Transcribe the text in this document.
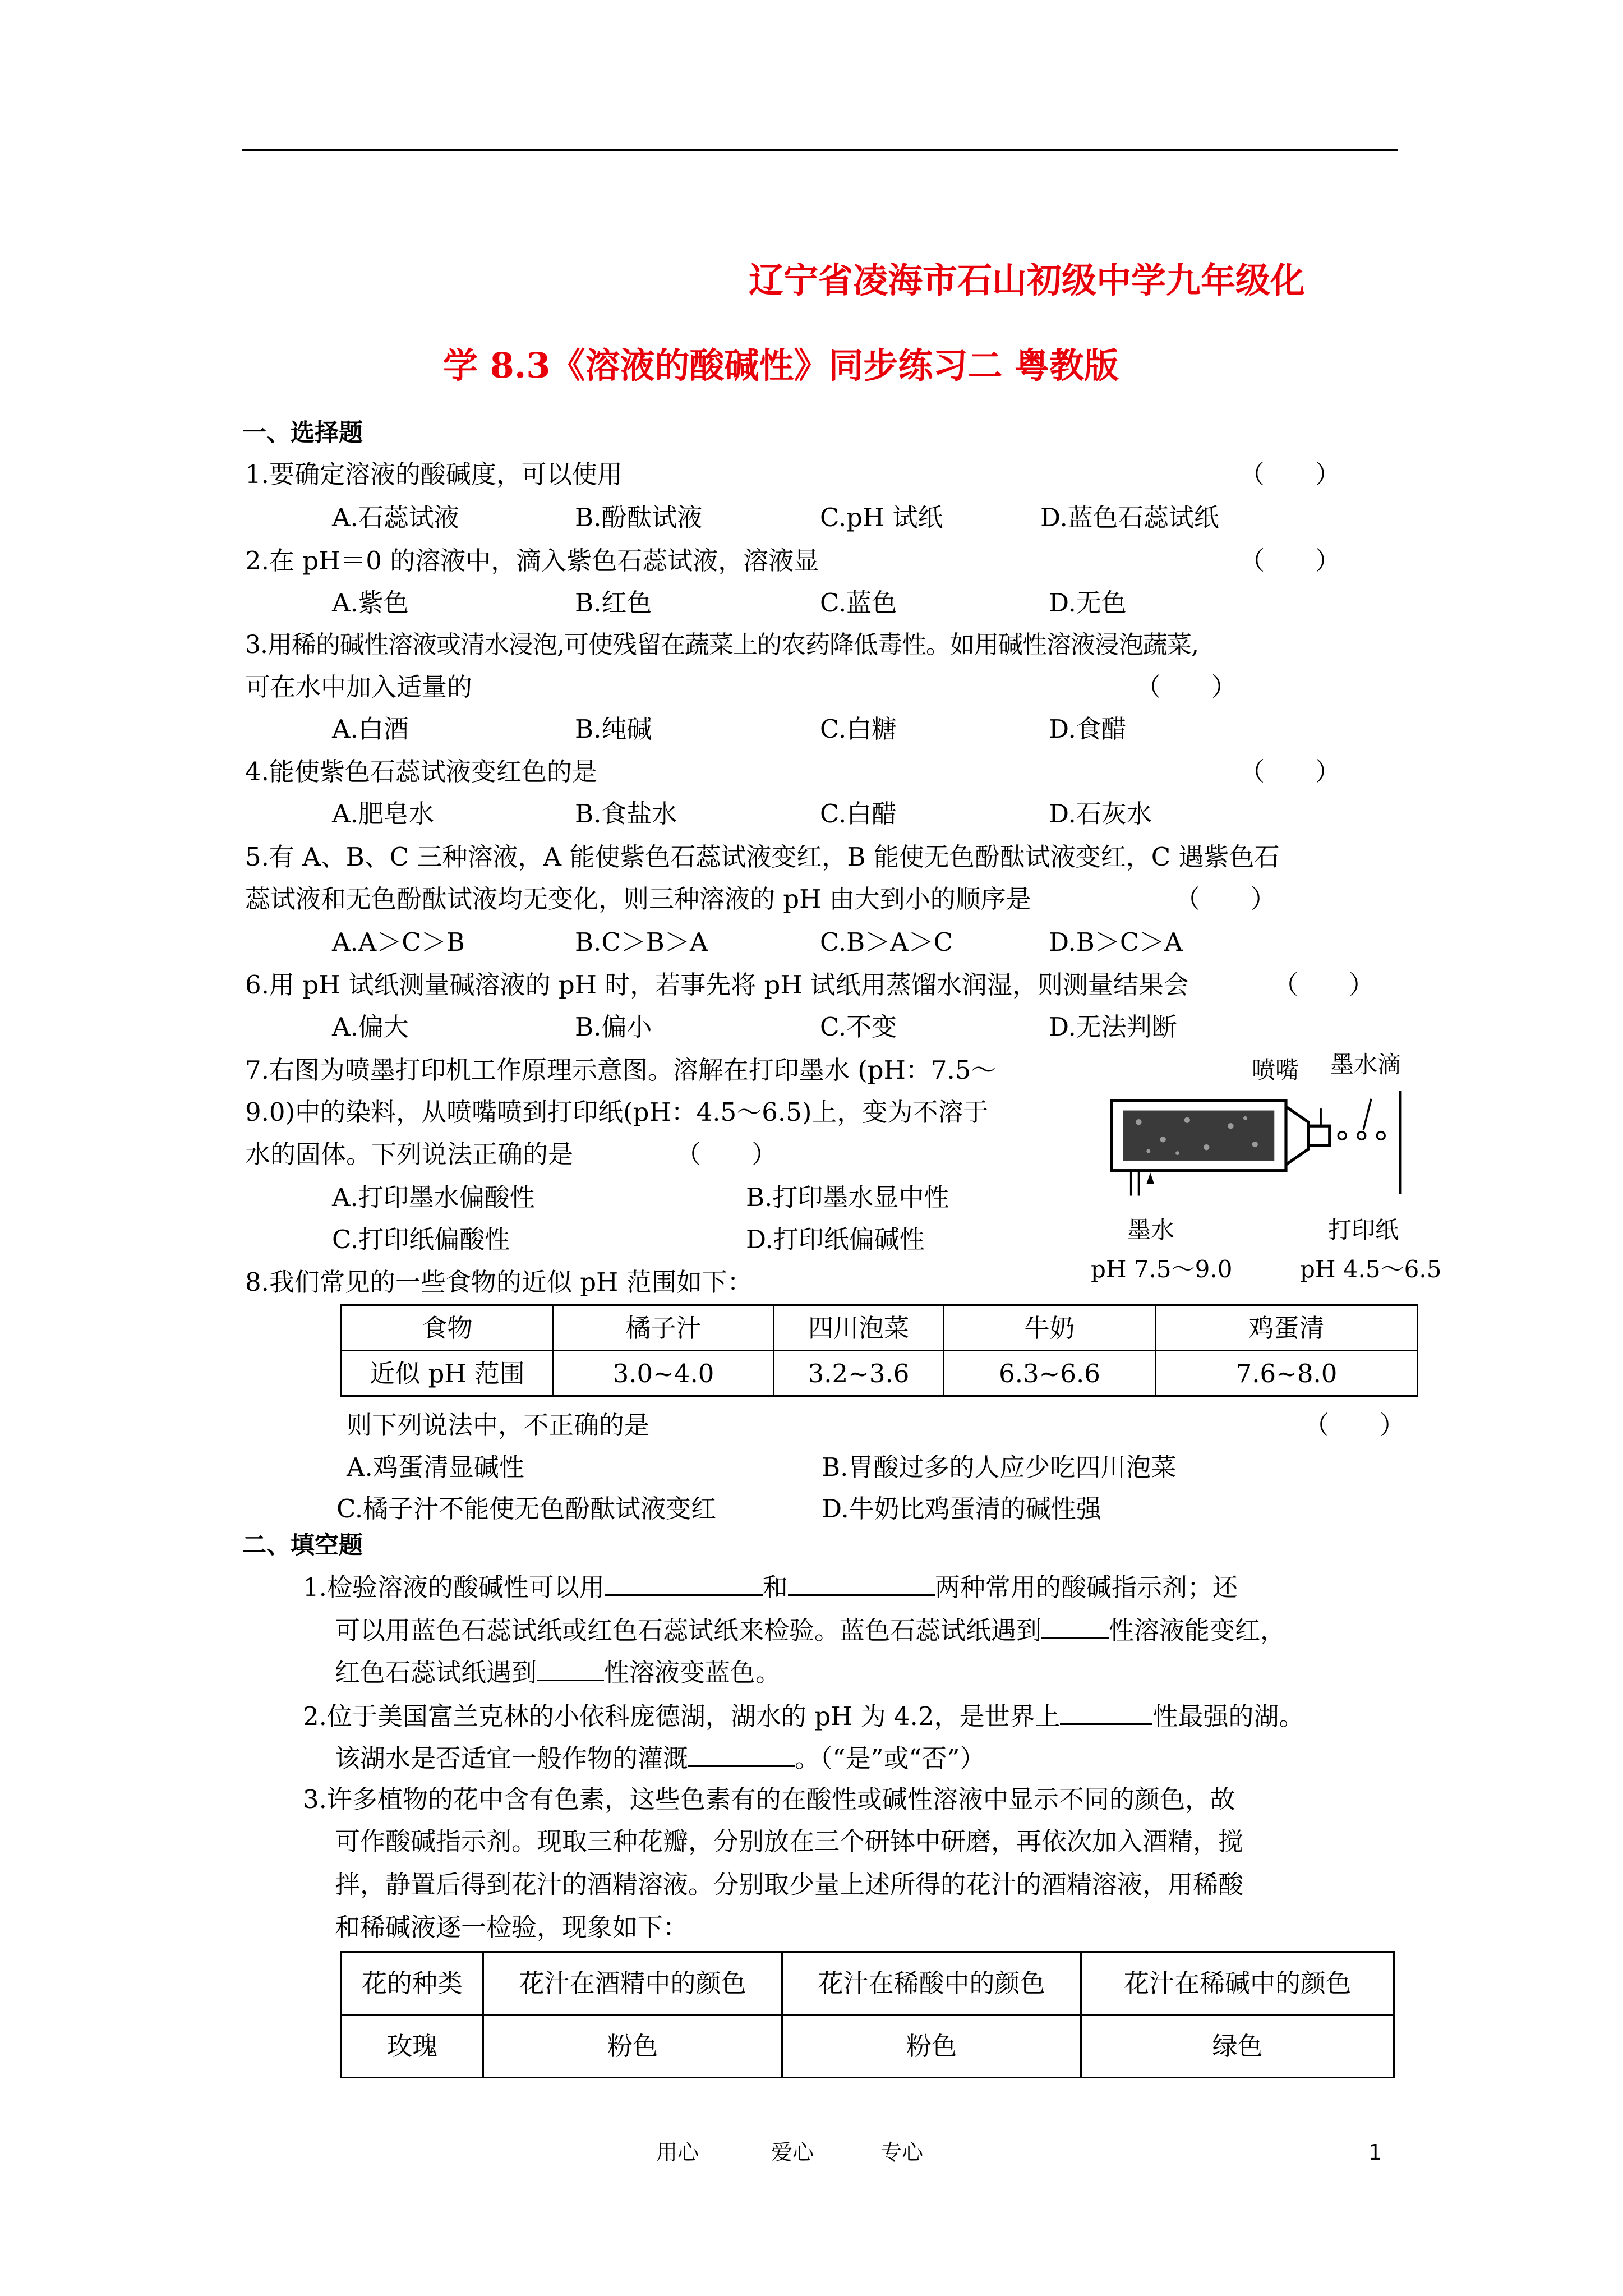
辽宁省凌海市石山初级中学九年级化
学 8.3《溶液的酸碱性》同步练习二 粤教版
一、选择题
1.要确定溶液的酸碱度，可以使用	（　　）
A.石蕊试液	B.酚酞试液	C.pH 试纸	D.蓝色石蕊试纸
2.在 pH＝0 的溶液中，滴入紫色石蕊试液，溶液显	（　　）
A.紫色	B.红色	C.蓝色	D.无色
3.用稀的碱性溶液或清水浸泡,可使残留在蔬菜上的农药降低毒性。如用碱性溶液浸泡蔬菜,
可在水中加入适量的	（　　）
A.白酒	B.纯碱	C.白糖	D.食醋
4.能使紫色石蕊试液变红色的是	（　　）
A.肥皂水	B.食盐水	C.白醋	D.石灰水
5.有 A、B、C 三种溶液，A 能使紫色石蕊试液变红，B 能使无色酚酞试液变红，C 遇紫色石
蕊试液和无色酚酞试液均无变化，则三种溶液的 pH 由大到小的顺序是	（　　）
A.A＞C＞B	B.C＞B＞A	C.B＞A＞C	D.B＞C＞A
6.用 pH 试纸测量碱溶液的 pH 时，若事先将 pH 试纸用蒸馏水润湿，则测量结果会	（　　）
A.偏大	B.偏小	C.不变	D.无法判断
7.右图为喷墨打印机工作原理示意图。溶解在打印墨水 (pH：7.5～
9.0)中的染料，从喷嘴喷到打印纸(pH：4.5～6.5)上，变为不溶于
水的固体。下列说法正确的是	（　　）
A.打印墨水偏酸性	B.打印墨水显中性
C.打印纸偏酸性	D.打印纸偏碱性
喷嘴 墨水滴
墨水
pH 7.5～9.0
打印纸
pH 4.5～6.5
8.我们常见的一些食物的近似 pH 范围如下：
食物	橘子汁	四川泡菜	牛奶	鸡蛋清
近似 pH 范围	3.0~4.0	3.2~3.6	6.3~6.6	7.6~8.0
则下列说法中，不正确的是	（　　）
A.鸡蛋清显碱性	B.胃酸过多的人应少吃四川泡菜
C.橘子汁不能使无色酚酞试液变红	D.牛奶比鸡蛋清的碱性强
二、填空题
1.检验溶液的酸碱性可以用	和	两种常用的酸碱指示剂；还
可以用蓝色石蕊试纸或红色石蕊试纸来检验。蓝色石蕊试纸遇到	性溶液能变红，
红色石蕊试纸遇到	性溶液变蓝色。
2.位于美国富兰克林的小依科庞德湖，湖水的 pH 为 4.2，是世界上	性最强的湖。
该湖水是否适宜一般作物的灌溉	。（“是”或“否”）
3.许多植物的花中含有色素，这些色素有的在酸性或碱性溶液中显示不同的颜色，故
可作酸碱指示剂。现取三种花瓣，分别放在三个研钵中研磨，再依次加入酒精，搅
拌，静置后得到花汁的酒精溶液。分别取少量上述所得的花汁的酒精溶液，用稀酸
和稀碱液逐一检验，现象如下：
花的种类	花汁在酒精中的颜色	花汁在稀酸中的颜色	花汁在稀碱中的颜色
玫瑰	粉色	粉色	绿色
用心	爱心	专心	1
